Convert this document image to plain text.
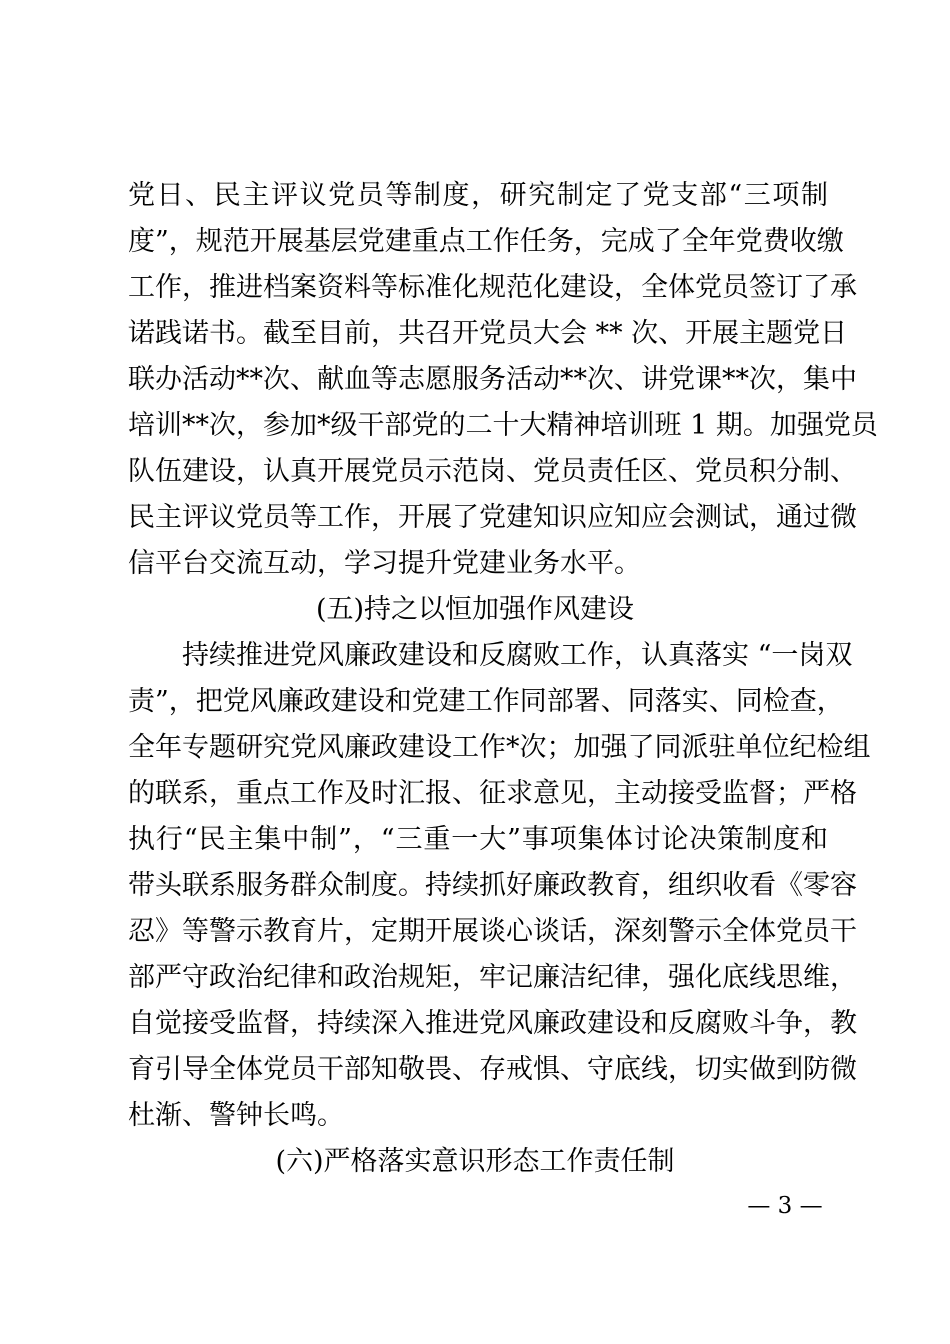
党日、民主评议党员等制度，研究制定了党支部“三项制
度”，规范开展基层党建重点工作任务，完成了全年党费收缴
工作，推进档案资料等标准化规范化建设，全体党员签订了承
诺践诺书。截至目前，共召开党员大会 ** 次、开展主题党日
联办活动**次、献血等志愿服务活动**次、讲党课**次，集中
培训**次，参加*级干部党的二十大精神培训班 1 期。加强党员
队伍建设，认真开展党员示范岗、党员责任区、党员积分制、
民主评议党员等工作，开展了党建知识应知应会测试，通过微
信平台交流互动，学习提升党建业务水平。
(五)持之以恒加强作风建设
持续推进党风廉政建设和反腐败工作，认真落实 “一岗双
责”，把党风廉政建设和党建工作同部署、同落实、同检查，
全年专题研究党风廉政建设工作*次；加强了同派驻单位纪检组
的联系，重点工作及时汇报、征求意见，主动接受监督；严格
执行“民主集中制”，“三重一大”事项集体讨论决策制度和
带头联系服务群众制度。持续抓好廉政教育，组织收看《零容
忍》等警示教育片，定期开展谈心谈话，深刻警示全体党员干
部严守政治纪律和政治规矩，牢记廉洁纪律，强化底线思维，
自觉接受监督，持续深入推进党风廉政建设和反腐败斗争，教
育引导全体党员干部知敬畏、存戒惧、守底线，切实做到防微
杜渐、警钟长鸣。
(六)严格落实意识形态工作责任制
— 3 —
